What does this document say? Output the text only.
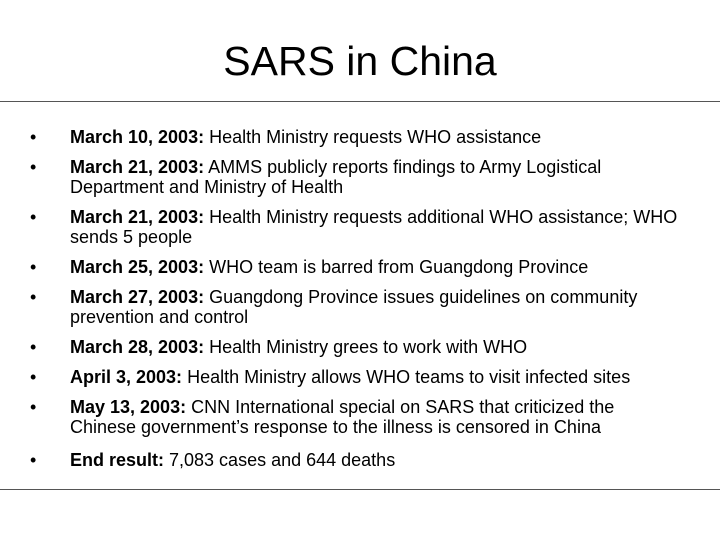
SARS in China
• March 10, 2003: Health Ministry requests WHO assistance
• March 21, 2003: AMMS publicly reports findings to Army Logistical Department and Ministry of Health
• March 21, 2003: Health Ministry requests additional WHO assistance; WHO sends 5 people
• March 25, 2003: WHO team is barred from Guangdong Province
• March 27, 2003: Guangdong Province issues guidelines on community prevention and control
• March 28, 2003: Health Ministry grees to work with WHO
• April 3, 2003: Health Ministry allows WHO teams to visit infected sites
• May 13, 2003: CNN International special on SARS that criticized the Chinese government’s response to the illness is censored in China
• End result: 7,083 cases and 644 deaths
